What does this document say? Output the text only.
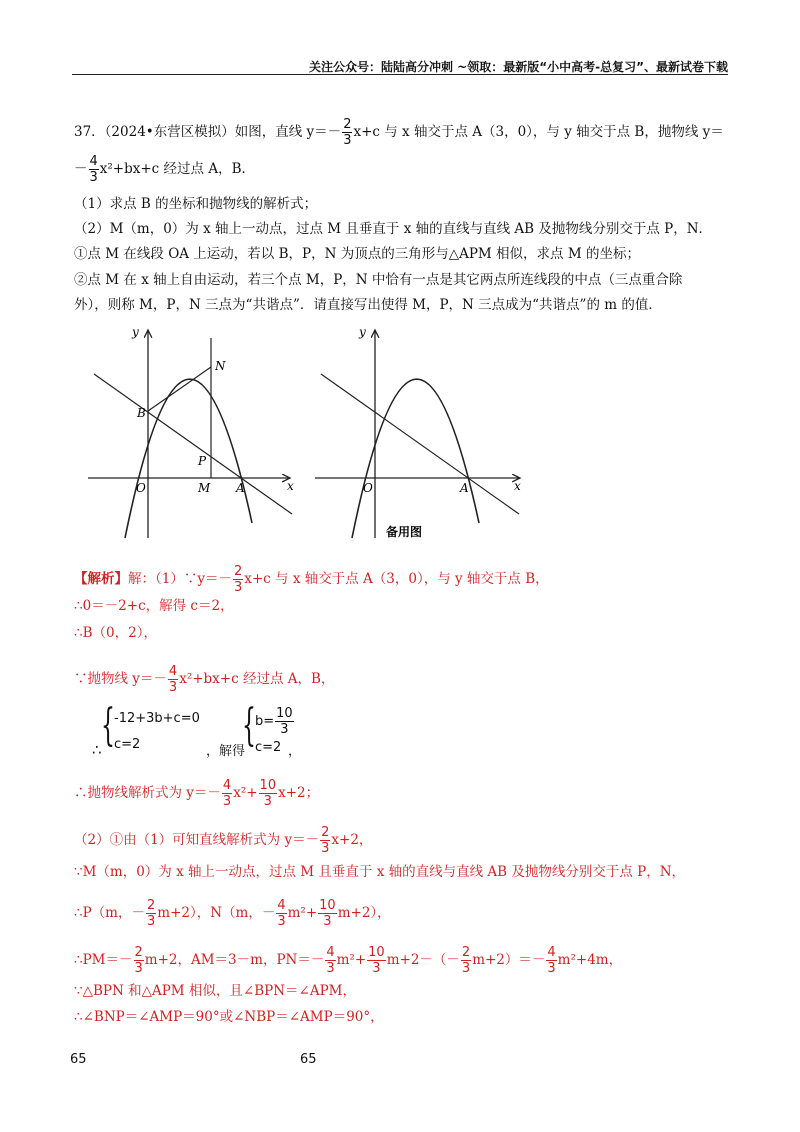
关注公众号：陆陆高分冲刺 ~领取：最新版“小中高考-总复习”、最新试卷下载
37．（2024•东营区模拟）如图，直线 $y=- \frac{2}{3} x+c$ 与 x 轴交于点 A（3，0），与 y 轴交于点 B，抛物线 y＝
－ $\frac{4}{3} x^2+bx+c$ 经过点 A，B．
（1）求点 B 的坐标和抛物线的解析式；
（2）M（m，0）为 x 轴上一动点，过点 M 且垂直于 x 轴的直线与直线 AB 及抛物线分别交于点 P，N．
①点 M 在线段 OA 上运动，若以 B，P，N 为顶点的三角形与△APM 相似，求点 M 的坐标；
②点 M 在 x 轴上自由运动，若三个点 M，P，N 中恰有一点是其它两点所连线段的中点（三点重合除
外），则称 M，P，N 三点为“共谐点”．请直接写出使得 M，P，N 三点成为“共谐点”的 m 的值．
y
x
O	A
B
N
P
M
y
x
O	A
备用图
【解析】解：（1）∵y＝－ $\frac{2}{3} x+c$ 与 x 轴交于点 A（3，0），与 y 轴交于点 B，
∴0＝－2+c，解得 c＝2，
∴B（0，2），
∵抛物线 $y=- \frac{4}{3} x^2+bx+c$ 经过点 A，B，
{ -12+3b+c=0
c=2
∴	，解得
{ $b= \frac{10}{3}$
c=2 ，
∴抛物线解析式为 $y=- \frac{4}{3} x^2+ \frac{10}{3} x+2$；
（2）①由（1）可知直线解析式为 $y=- \frac{2}{3} x+2$，
∵M（m，0）为 x 轴上一动点，过点 M 且垂直于 x 轴的直线与直线 AB 及抛物线分别交于点 P，N，
∴P（m，－ $\frac{2}{3} m+2$），N（m，－ $\frac{4}{3} m^2+ \frac{10}{3} m+2$），
∴PM＝－ $\frac{2}{3} m+2$，AM＝3－m，$PN=- \frac{4}{3} m^2+ \frac{10}{3} m+2-(- \frac{2}{3} m+2)=- \frac{4}{3} m^2+4m$，
∵△BPN 和△APM 相似，且∠BPN＝∠APM，
∴∠BNP＝∠AMP＝90°或∠NBP＝∠AMP＝90°，
65	65
